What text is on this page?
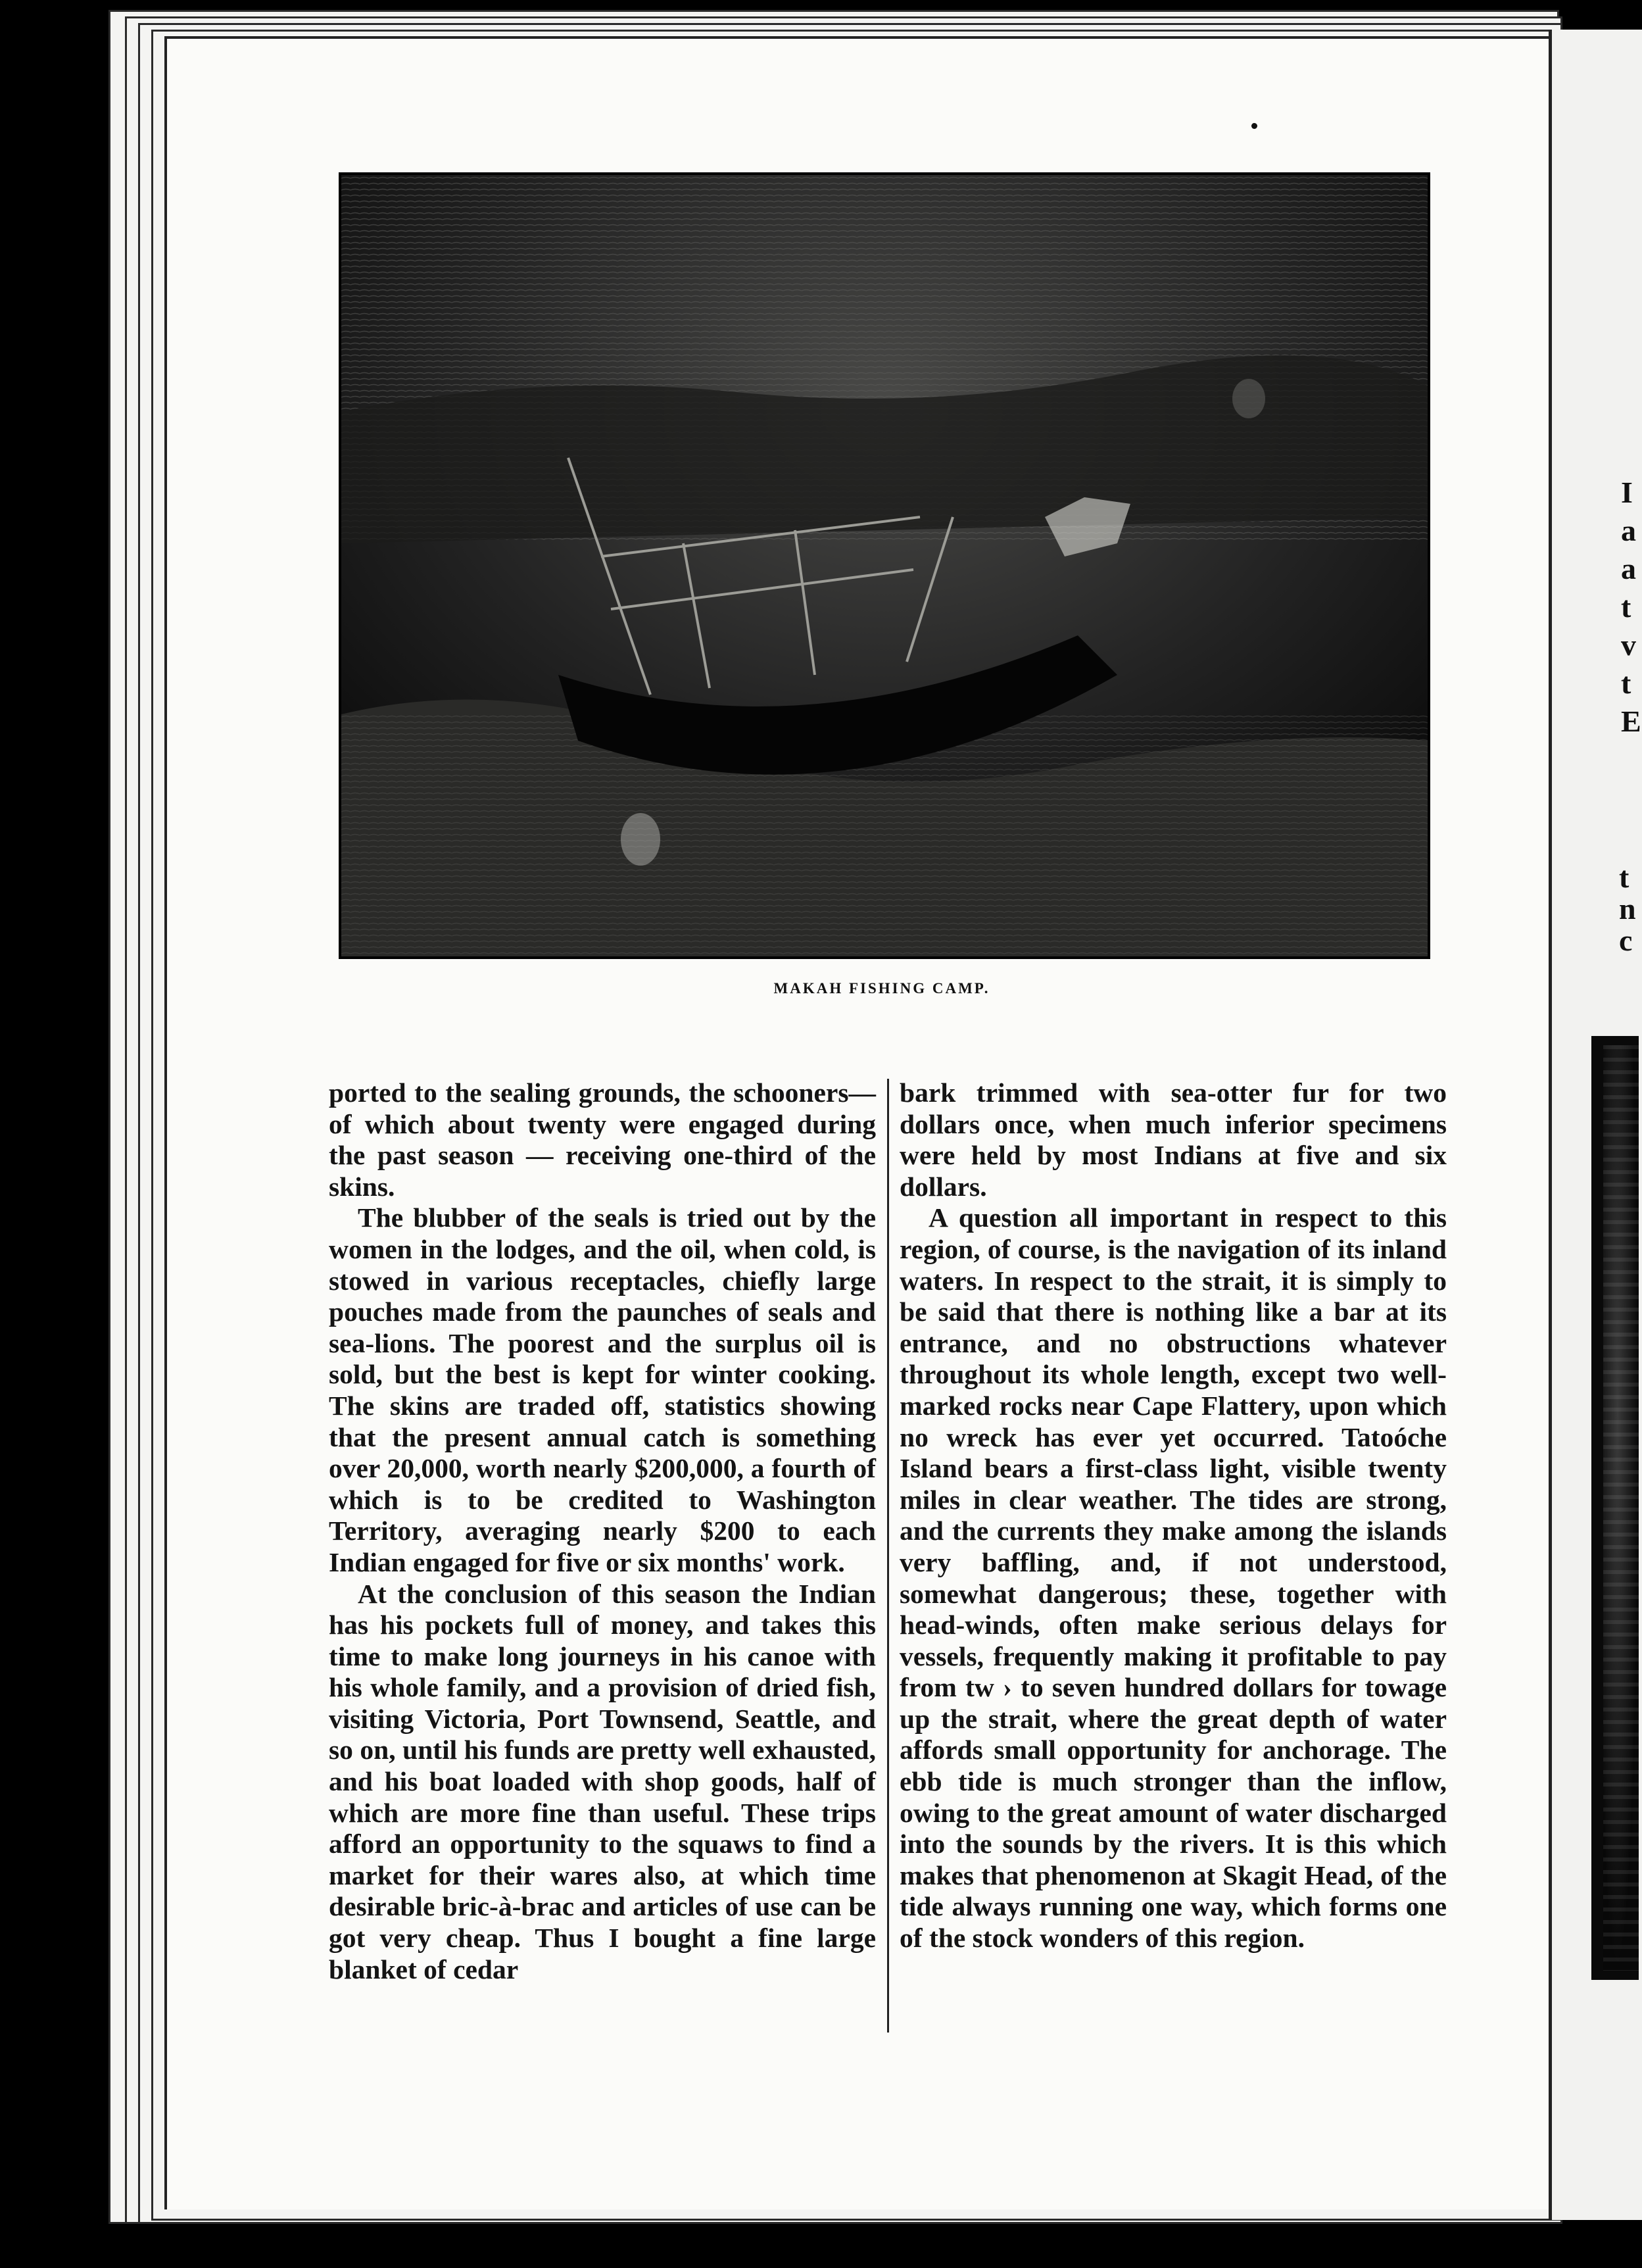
I
a
a
t
v
t
E
t
n
c
MAKAH FISHING CAMP.

ported to the sealing grounds, the schooners—of which about twenty were engaged during the past season — receiving one-third of the skins.

The blubber of the seals is tried out by the women in the lodges, and the oil, when cold, is stowed in various receptacles, chiefly large pouches made from the paunches of seals and sea-lions. The poorest and the surplus oil is sold, but the best is kept for winter cooking. The skins are traded off, statistics showing that the present annual catch is something over 20,000, worth nearly $200,000, a fourth of which is to be credited to Washington Territory, averaging nearly $200 to each Indian engaged for five or six months' work.

At the conclusion of this season the Indian has his pockets full of money, and takes this time to make long journeys in his canoe with his whole family, and a provision of dried fish, visiting Victoria, Port Townsend, Seattle, and so on, until his funds are pretty well exhausted, and his boat loaded with shop goods, half of which are more fine than useful. These trips afford an opportunity to the squaws to find a market for their wares also, at which time desirable bric-à-brac and articles of use can be got very cheap. Thus I bought a fine large blanket of cedar

bark trimmed with sea-otter fur for two dollars once, when much inferior specimens were held by most Indians at five and six dollars.

A question all important in respect to this region, of course, is the navigation of its inland waters. In respect to the strait, it is simply to be said that there is nothing like a bar at its entrance, and no obstructions whatever throughout its whole length, except two well-marked rocks near Cape Flattery, upon which no wreck has ever yet occurred. Tatoóche Island bears a first-class light, visible twenty miles in clear weather. The tides are strong, and the currents they make among the islands very baffling, and, if not understood, somewhat dangerous; these, together with head-winds, often make serious delays for vessels, frequently making it profitable to pay from tw › to seven hundred dollars for towage up the strait, where the great depth of water affords small opportunity for anchorage. The ebb tide is much stronger than the inflow, owing to the great amount of water discharged into the sounds by the rivers. It is this which makes that phenomenon at Skagit Head, of the tide always running one way, which forms one of the stock wonders of this region.
